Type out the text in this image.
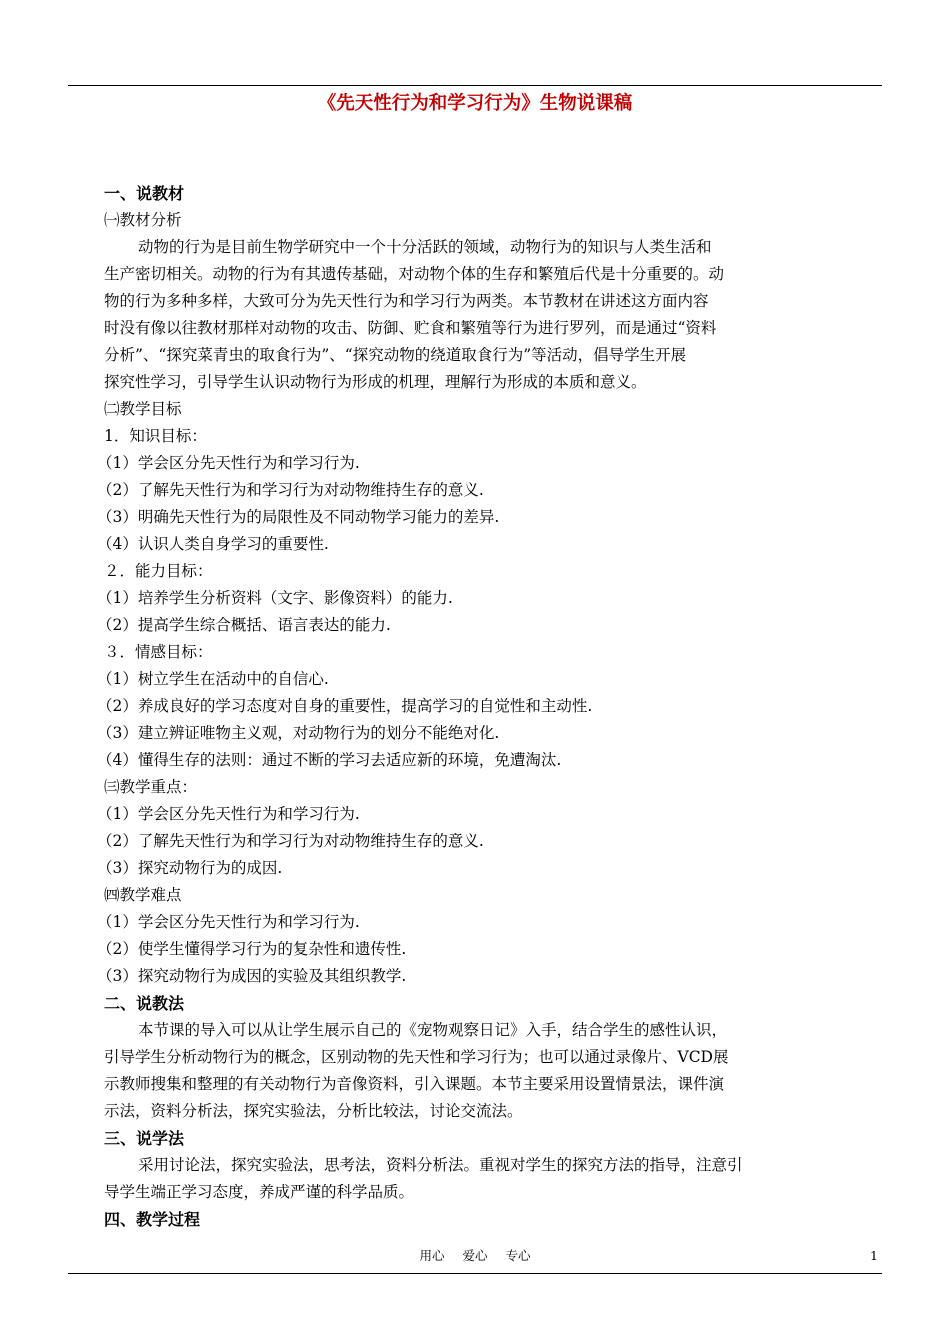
《先天性行为和学习行为》生物说课稿
一、说教材
㈠教材分析
动物的行为是目前生物学研究中一个十分活跃的领域，动物行为的知识与人类生活和
生产密切相关。动物的行为有其遗传基础，对动物个体的生存和繁殖后代是十分重要的。动
物的行为多种多样，大致可分为先天性行为和学习行为两类。本节教材在讲述这方面内容
时没有像以往教材那样对动物的攻击、防御、贮食和繁殖等行为进行罗列，而是通过“资料
分析”、“探究菜青虫的取食行为”、“探究动物的绕道取食行为”等活动，倡导学生开展
探究性学习，引导学生认识动物行为形成的机理，理解行为形成的本质和意义。
㈡教学目标
1．知识目标：
（1）学会区分先天性行为和学习行为.
（2）了解先天性行为和学习行为对动物维持生存的意义.
（3）明确先天性行为的局限性及不同动物学习能力的差异.
（4）认识人类自身学习的重要性.
２．能力目标：
（1）培养学生分析资料（文字、影像资料）的能力.
（2）提高学生综合概括、语言表达的能力.
３．情感目标：
（1）树立学生在活动中的自信心.
（2）养成良好的学习态度对自身的重要性，提高学习的自觉性和主动性.
（3）建立辨证唯物主义观，对动物行为的划分不能绝对化.
（4）懂得生存的法则：通过不断的学习去适应新的环境，免遭淘汰.
㈢教学重点：
（1）学会区分先天性行为和学习行为.
（2）了解先天性行为和学习行为对动物维持生存的意义.
（3）探究动物行为的成因.
㈣教学难点
（1）学会区分先天性行为和学习行为.
（2）使学生懂得学习行为的复杂性和遗传性.
（3）探究动物行为成因的实验及其组织教学.
二、说教法
本节课的导入可以从让学生展示自己的《宠物观察日记》入手，结合学生的感性认识，
引导学生分析动物行为的概念，区别动物的先天性和学习行为；也可以通过录像片、VCD展
示教师搜集和整理的有关动物行为音像资料，引入课题。本节主要采用设置情景法，课件演
示法，资料分析法，探究实验法，分析比较法，讨论交流法。
三、说学法
采用讨论法，探究实验法，思考法，资料分析法。重视对学生的探究方法的指导，注意引
导学生端正学习态度，养成严谨的科学品质。
四、教学过程
用心 爱心 专心	1
